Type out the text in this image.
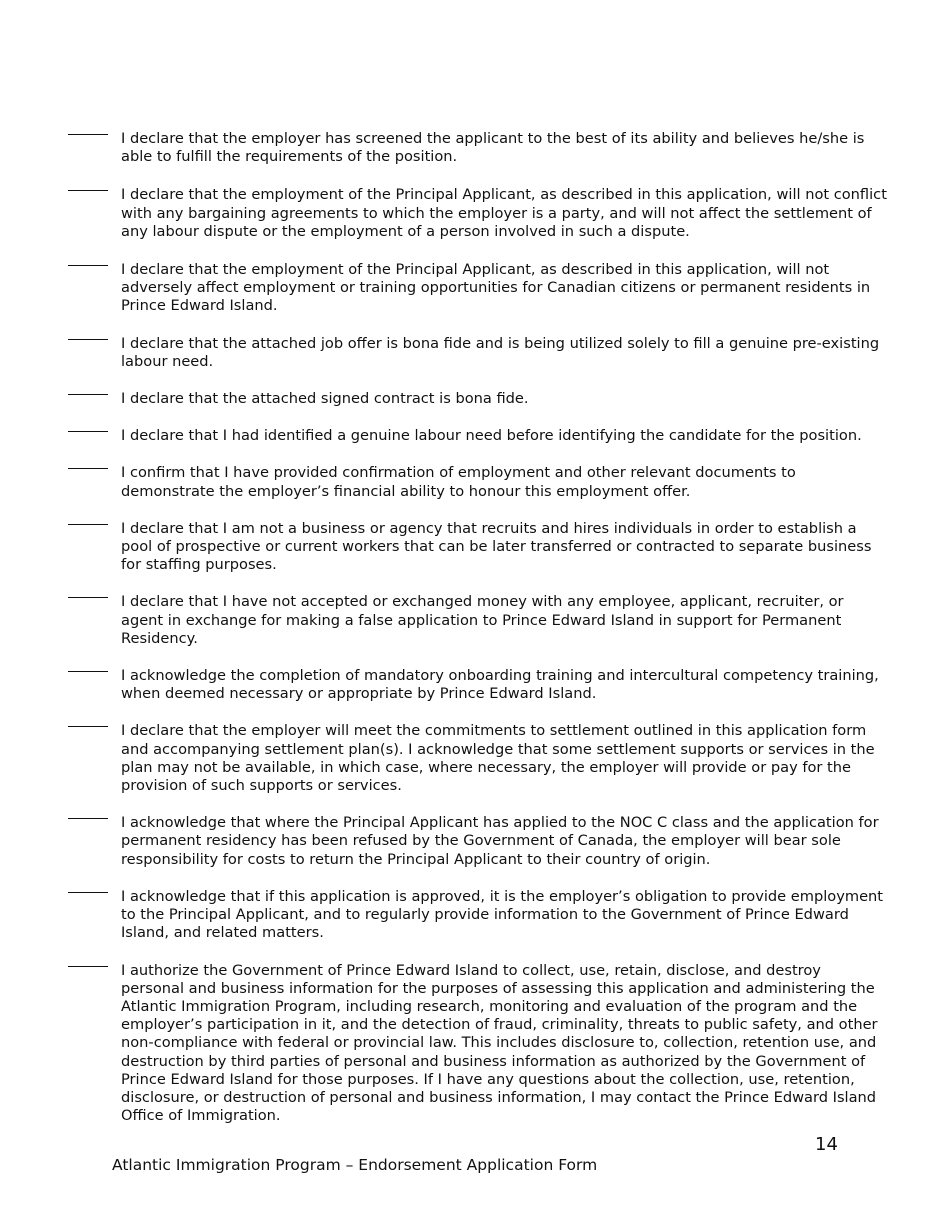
I declare that the employer has screened the applicant to the best of its ability and believes he/she is able to fulfill the requirements of the position.
I declare that the employment of the Principal Applicant, as described in this application, will not conflict with any bargaining agreements to which the employer is a party, and will not affect the settlement of any labour dispute or the employment of a person involved in such a dispute.
I declare that the employment of the Principal Applicant, as described in this application, will not adversely affect employment or training opportunities for Canadian citizens or permanent residents in Prince Edward Island.
I declare that the attached job offer is bona fide and is being utilized solely to fill a genuine pre-existing labour need.
I declare that the attached signed contract is bona fide.
I declare that I had identified a genuine labour need before identifying the candidate for the position.
I confirm that I have provided confirmation of employment and other relevant documents to demonstrate the employer’s financial ability to honour this employment offer.
I declare that I am not a business or agency that recruits and hires individuals in order to establish a pool of prospective or current workers that can be later transferred or contracted to separate business for staffing purposes.
I declare that I have not accepted or exchanged money with any employee, applicant, recruiter, or agent in exchange for making a false application to Prince Edward Island in support for Permanent Residency.
I acknowledge the completion of mandatory onboarding training and intercultural competency training, when deemed necessary or appropriate by Prince Edward Island.
I declare that the employer will meet the commitments to settlement outlined in this application form and accompanying settlement plan(s). I acknowledge that some settlement supports or services in the plan may not be available, in which case, where necessary, the employer will provide or pay for the provision of such supports or services.
I acknowledge that where the Principal Applicant has applied to the NOC C class and the application for permanent residency has been refused by the Government of Canada, the employer will bear sole responsibility for costs to return the Principal Applicant to their country of origin.
I acknowledge that if this application is approved, it is the employer’s obligation to provide employment to the Principal Applicant, and to regularly provide information to the Government of Prince Edward Island, and related matters.
I authorize the Government of Prince Edward Island to collect, use, retain, disclose, and destroy personal and business information for the purposes of assessing this application and administering the Atlantic Immigration Program, including research, monitoring and evaluation of the program and the employer’s participation in it, and the detection of fraud, criminality, threats to public safety, and other non-compliance with federal or provincial law. This includes disclosure to, collection, retention use, and destruction by third parties of personal and business information as authorized by the Government of Prince Edward Island for those purposes. If I have any questions about the collection, use, retention, disclosure, or destruction of personal and business information, I may contact the Prince Edward Island Office of Immigration.
14
Atlantic Immigration Program – Endorsement Application Form
